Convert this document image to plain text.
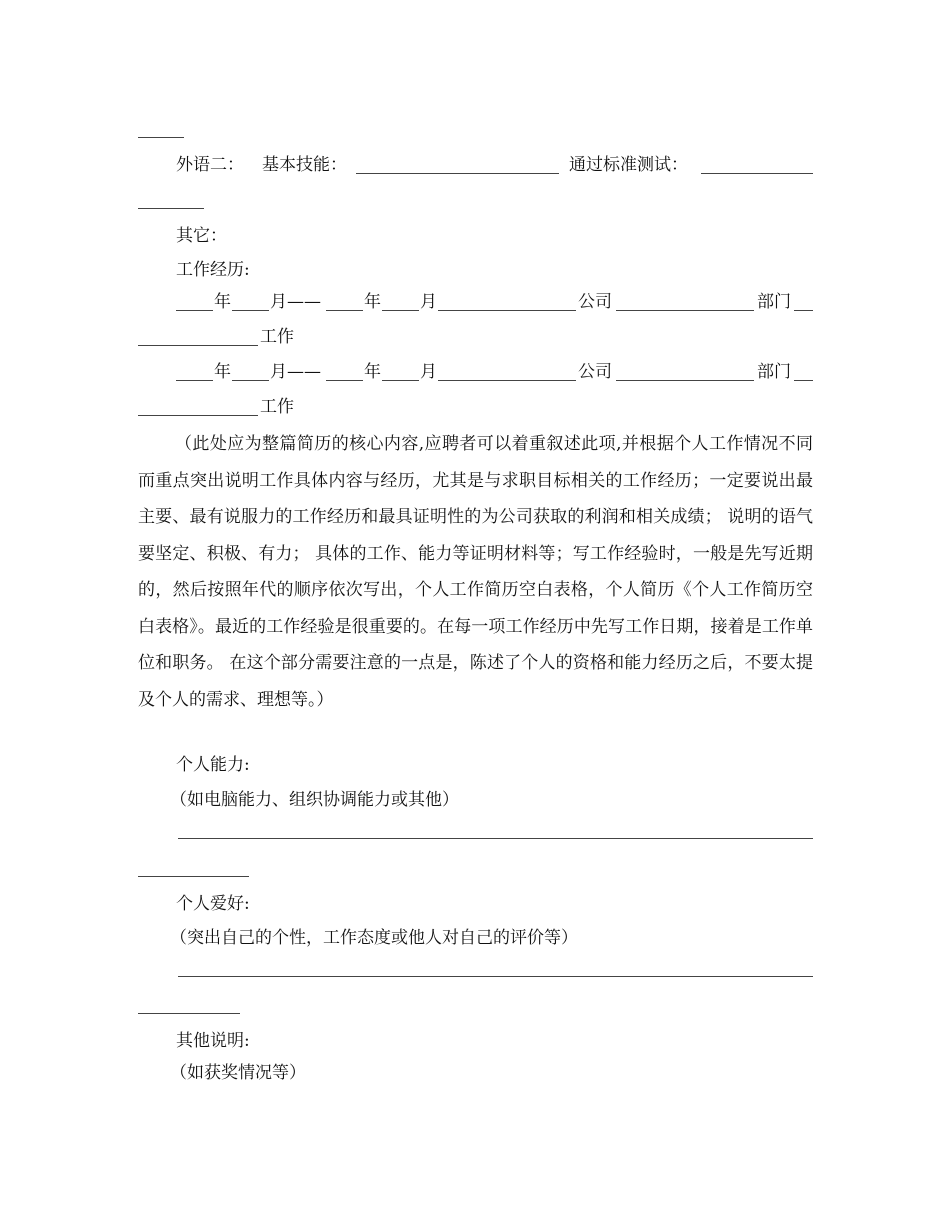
外语二： 基本技能：	通过标准测试：
其它：
工作经历:
年 月——	年 月	公司	部门
工作
年 月——	年 月	公司	部门
工作
（此处应为整篇简历的核心内容,应聘者可以着重叙述此项,并根据个人工作情况不同而重点突出说明工作具体内容与经历，尤其是与求职目标相关的工作经历；一定要说出最主要、最有说服力的工作经历和最具证明性的为公司获取的利润和相关成绩； 说明的语气要坚定、积极、有力； 具体的工作、能力等证明材料等；写工作经验时，一般是先写近期的，然后按照年代的顺序依次写出，个人工作简历空白表格，个人简历《个人工作简历空白表格》。最近的工作经验是很重要的。在每一项工作经历中先写工作日期，接着是工作单位和职务。 在这个部分需要注意的一点是，陈述了个人的资格和能力经历之后，不要太提及个人的需求、理想等。）
个人能力:
（如电脑能力、组织协调能力或其他）
个人爱好:
（突出自己的个性，工作态度或他人对自己的评价等）
其他说明:
（如获奖情况等）
